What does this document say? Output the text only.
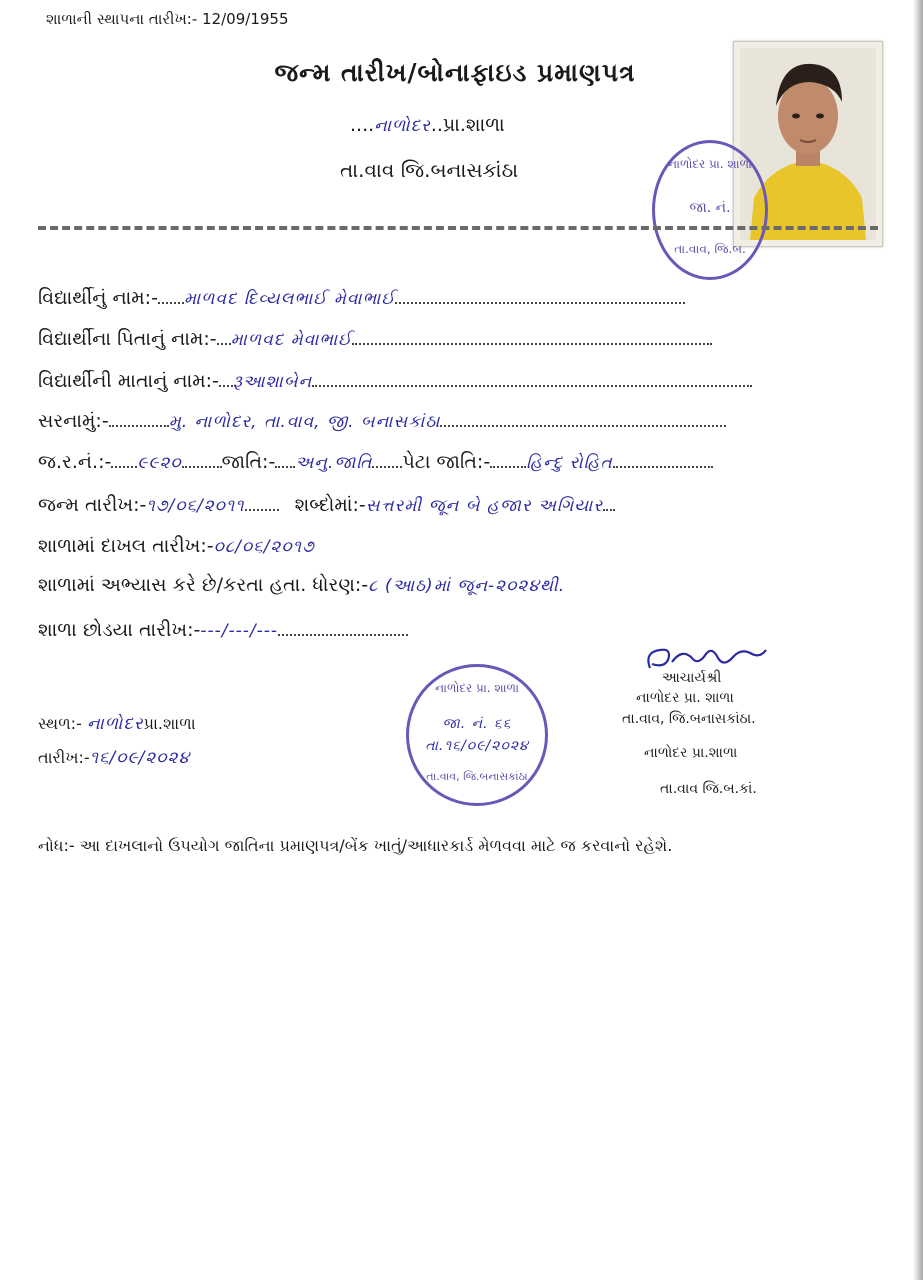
શાળાની સ્થાપના તારીખ:- 12/09/1955
જન્મ તારીખ/બોનાફાઇડ પ્રમાણપત્ર
....નાળોદર..પ્રા.શાળા
તા.વાવ જિ.બનાસકાંઠા	નાળોદર પ્રા. શાળા
જા. નં.
તા.વાવ, જિ.બ.
વિદ્યાર્થીનું નામ:- માળવદ દિવ્યલભાઈ મેવાભાઈ
વિદ્યાર્થીના પિતાનું નામ:- માળવદ મેવાભાઈ
વિદ્યાર્થીની માતાનું નામ:- રૂઆશાબેન
સરનામું:-	મુ. નાળોદર, તા.વાવ, જી. બનાસકાંઠા
જ.ર.નં.:- ૯૯૨૦ જાતિ:- અનુ.જાતિ પેટા જાતિ:- હિન્દુ રોહિત
જન્મ તારીખ:- ૧૭/૦૬/૨૦૧૧	શબ્દોમાં:- સત્તરમી જૂન બે હજાર અગિયાર
શાળામાં દાખલ તારીખ:- ૦૮/૦૬/૨૦૧૭
શાળામાં અભ્યાસ કરે છે/કરતા હતા. ધોરણ:- ૮ (આઠ)માં જૂન-૨૦૨૪થી.
શાળા છોડયા તારીખ:- ---/---/---
સ્થળ:- નાળોદરપ્રા.શાળા
તારીખ:-૧૬/૦૯/૨૦૨૪
નાળોદર પ્રા. શાળા
જા. નં. ૬૬
તા.૧૬/૦૯/૨૦૨૪
તા.વાવ, જિ.બનાસકાંઠા
આચાર્યશ્રી
નાળોદર પ્રા. શાળા
તા.વાવ, જિ.બનાસકાંઠા.
નાળોદર પ્રા.શાળા
તા.વાવ જિ.બ.કાં.
નોધ:- આ દાખલાનો ઉપયોગ જાતિના પ્રમાણપત્ર/બેંક ખાતું/આધારકાર્ડ મેળવવા માટે જ કરવાનો રહેશે.
